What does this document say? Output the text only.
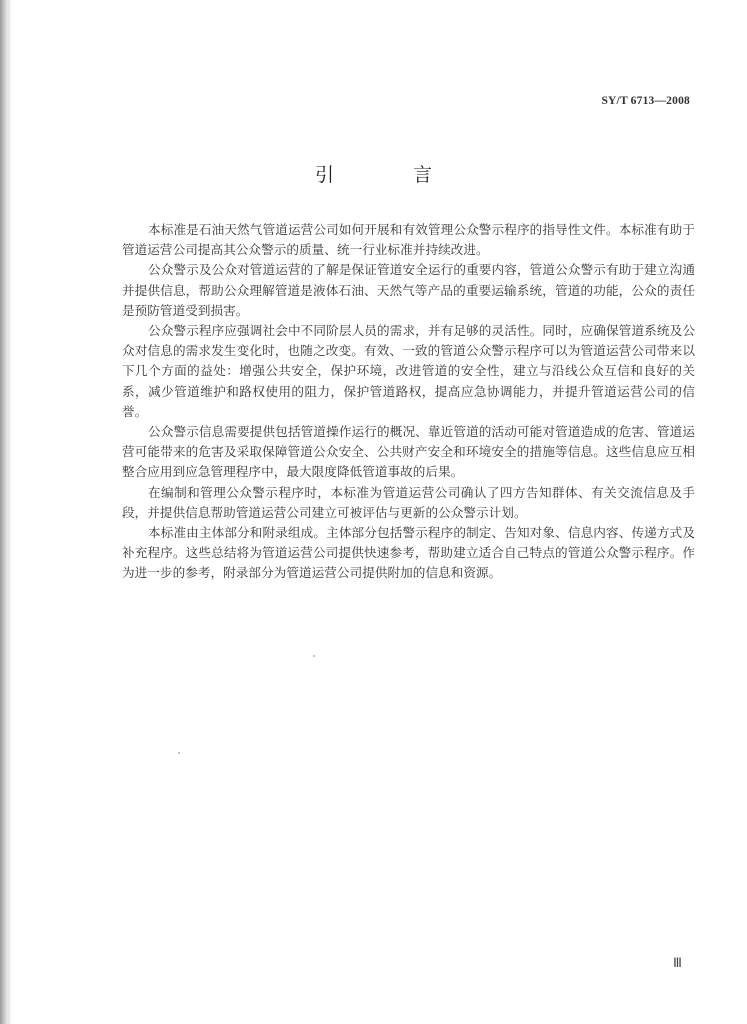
SY/T 6713—2008
引　言

本标准是石油天然气管道运营公司如何开展和有效管理公众警示程序的指导性文件。本标准有助于管道运营公司提高其公众警示的质量、统一行业标准并持续改进。

公众警示及公众对管道运营的了解是保证管道安全运行的重要内容，管道公众警示有助于建立沟通并提供信息，帮助公众理解管道是液体石油、天然气等产品的重要运输系统，管道的功能，公众的责任是预防管道受到损害。

公众警示程序应强调社会中不同阶层人员的需求，并有足够的灵活性。同时，应确保管道系统及公众对信息的需求发生变化时，也随之改变。有效、一致的管道公众警示程序可以为管道运营公司带来以下几个方面的益处：增强公共安全，保护环境，改进管道的安全性，建立与沿线公众互信和良好的关系，减少管道维护和路权使用的阻力，保护管道路权，提高应急协调能力，并提升管道运营公司的信誉。

公众警示信息需要提供包括管道操作运行的概况、靠近管道的活动可能对管道造成的危害、管道运营可能带来的危害及采取保障管道公众安全、公共财产安全和环境安全的措施等信息。这些信息应互相整合应用到应急管理程序中，最大限度降低管道事故的后果。

在编制和管理公众警示程序时，本标准为管道运营公司确认了四方告知群体、有关交流信息及手段，并提供信息帮助管道运营公司建立可被评估与更新的公众警示计划。

本标准由主体部分和附录组成。主体部分包括警示程序的制定、告知对象、信息内容、传递方式及补充程序。这些总结将为管道运营公司提供快速参考，帮助建立适合自己特点的管道公众警示程序。作为进一步的参考，附录部分为管道运营公司提供附加的信息和资源。

Ⅲ
